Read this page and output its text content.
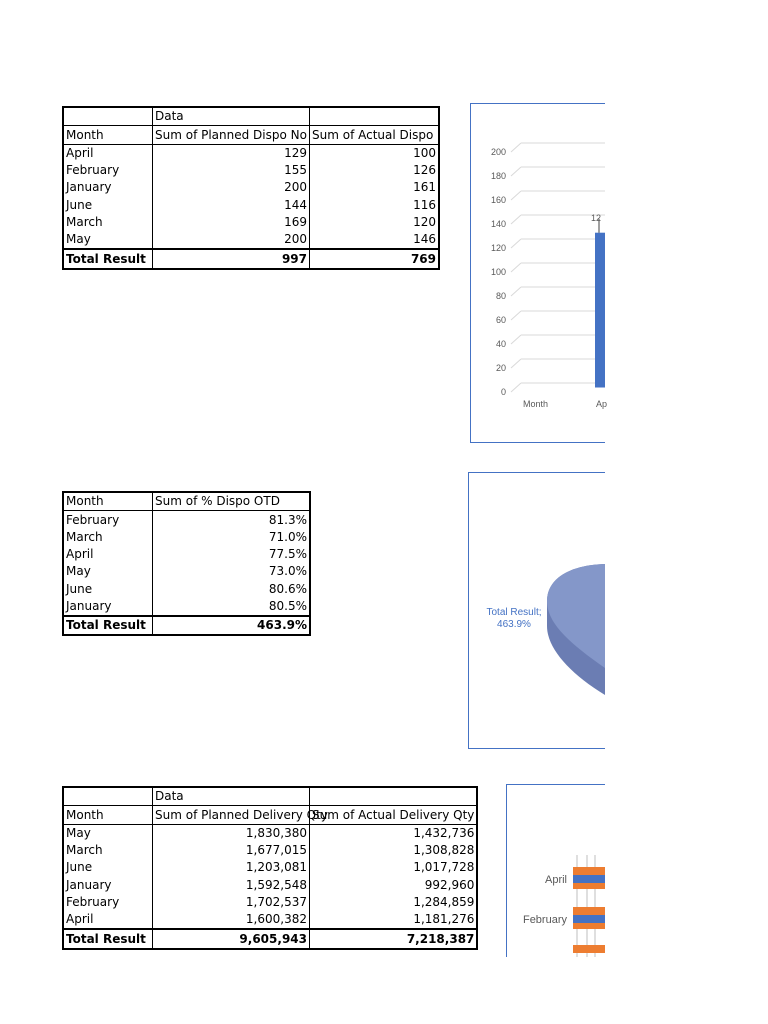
	Data	
Month	Sum of Planned Dispo No	Sum of Actual Dispo
April	129	100
February	155	126
January	200	161
June	144	116
March	169	120
May	200	146
Total Result	997	769
0
20
40
60
80
100
120
140
160
180
200
Month	Ap
12
Month	Sum of % Dispo OTD
February	81.3%
March	71.0%
April	77.5%
May	73.0%
June	80.6%
January	80.5%
Total Result	463.9%
Total Result;
463.9%
	Data	
Month	Sum of Planned Delivery Qty	Sum of Actual Delivery Qty
May	1,830,380	1,432,736
March	1,677,015	1,308,828
June	1,203,081	1,017,728
January	1,592,548	992,960
February	1,702,537	1,284,859
April	1,600,382	1,181,276
Total Result	9,605,943	7,218,387
April
February
